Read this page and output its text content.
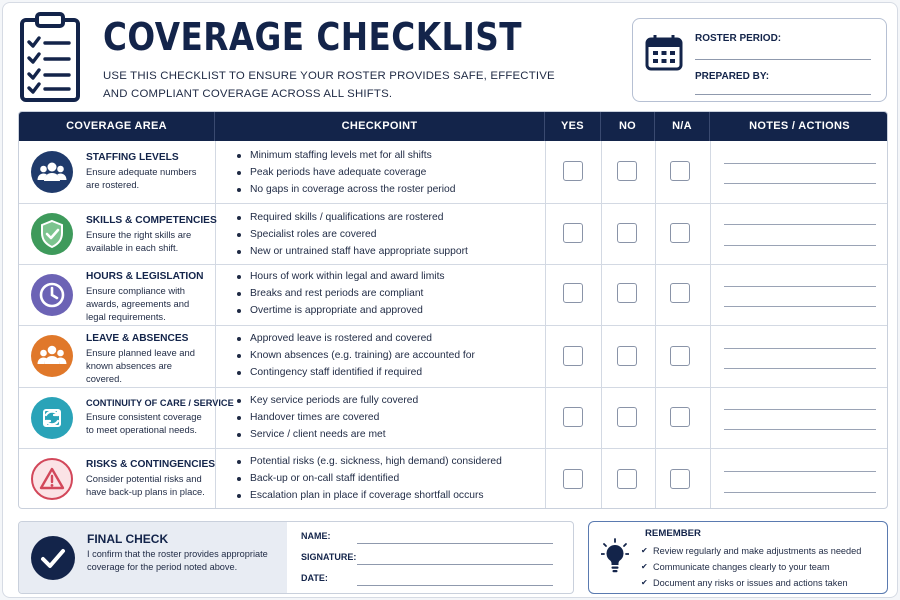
COVERAGE CHECKLIST
USE THIS CHECKLIST TO ENSURE YOUR ROSTER PROVIDES SAFE, EFFECTIVE AND COMPLIANT COVERAGE ACROSS ALL SHIFTS.
ROSTER PERIOD:
PREPARED BY:
COVERAGE AREA	CHECKPOINT	YES	NO	N/A	NOTES / ACTIONS
STAFFING LEVELS
Ensure adequate numbers are rostered.
Minimum staffing levels met for all shifts
Peak periods have adequate coverage
No gaps in coverage across the roster period
SKILLS & COMPETENCIES
Ensure the right skills are available in each shift.
Required skills / qualifications are rostered
Specialist roles are covered
New or untrained staff have appropriate support
HOURS & LEGISLATION
Ensure compliance with awards, agreements and legal requirements.
Hours of work within legal and award limits
Breaks and rest periods are compliant
Overtime is appropriate and approved
LEAVE & ABSENCES
Ensure planned leave and known absences are covered.
Approved leave is rostered and covered
Known absences (e.g. training) are accounted for
Contingency staff identified if required
CONTINUITY OF CARE / SERVICE
Ensure consistent coverage to meet operational needs.
Key service periods are fully covered
Handover times are covered
Service / client needs are met
RISKS & CONTINGENCIES
Consider potential risks and have back-up plans in place.
Potential risks (e.g. sickness, high demand) considered
Back-up or on-call staff identified
Escalation plan in place if coverage shortfall occurs
FINAL CHECK
I confirm that the roster provides appropriate coverage for the period noted above.
NAME:
SIGNATURE:
DATE:
REMEMBER
✔ Review regularly and make adjustments as needed
✔ Communicate changes clearly to your team
✔ Document any risks or issues and actions taken
